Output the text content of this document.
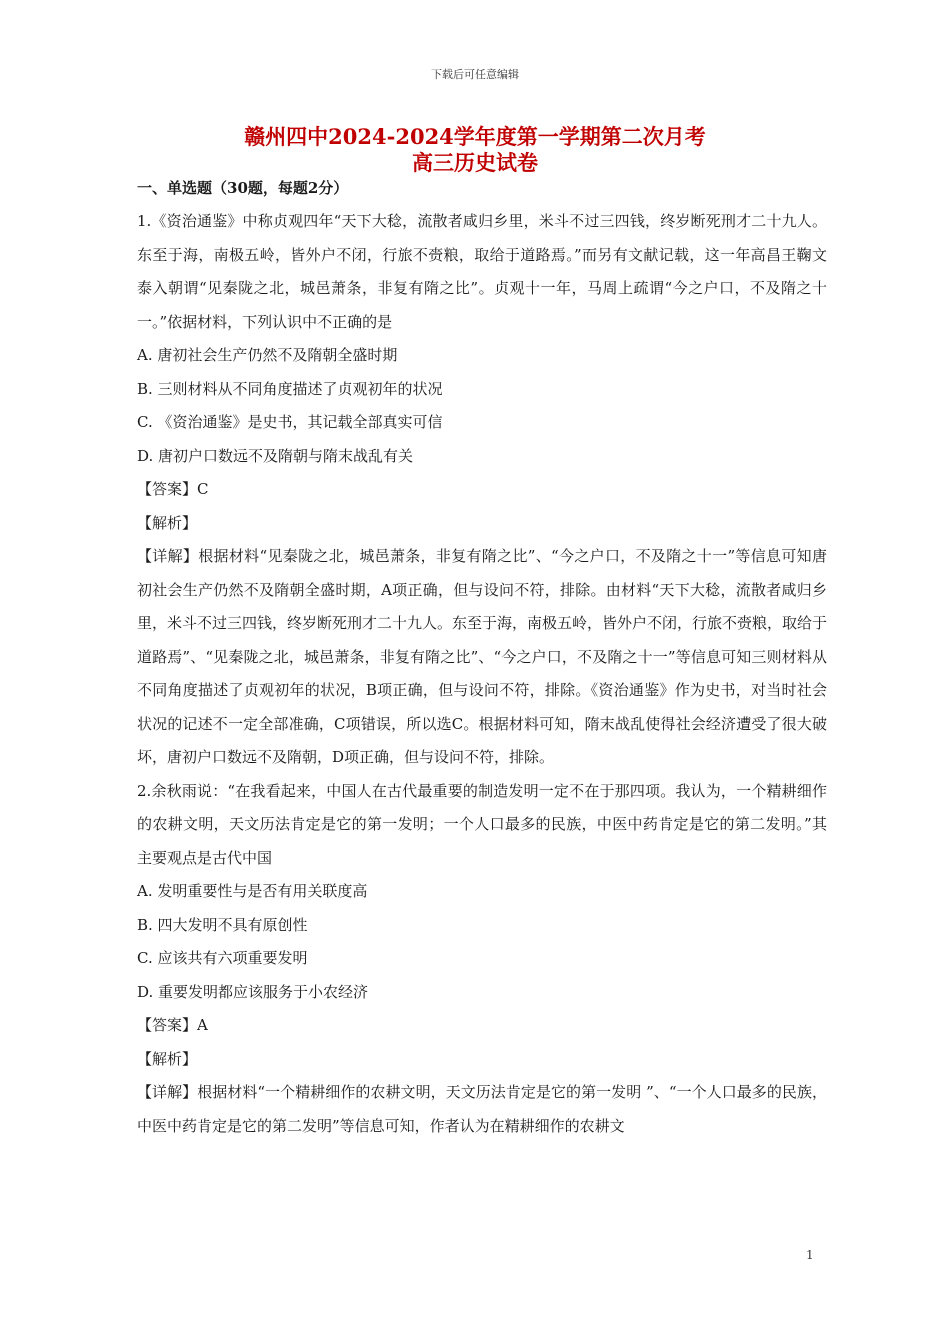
下载后可任意编辑
赣州四中2024-2024学年度第一学期第二次月考
高三历史试卷
一、单选题（30题，每题2分）

1.《资治通鉴》中称贞观四年“天下大稔，流散者咸归乡里，米斗不过三四钱，终岁断死刑才二十九人。东至于海，南极五岭，皆外户不闭，行旅不赍粮，取给于道路焉。”而另有文献记载，这一年高昌王鞠文泰入朝谓“见秦陇之北，城邑萧条，非复有隋之比”。贞观十一年，马周上疏谓“今之户口，不及隋之十一。”依据材料，下列认识中不正确的是

A. 唐初社会生产仍然不及隋朝全盛时期

B. 三则材料从不同角度描述了贞观初年的状况

C. 《资治通鉴》是史书，其记载全部真实可信

D. 唐初户口数远不及隋朝与隋末战乱有关

【答案】C

【解析】

【详解】根据材料“见秦陇之北，城邑萧条，非复有隋之比”、“今之户口，不及隋之十一”等信息可知唐初社会生产仍然不及隋朝全盛时期，A项正确，但与设问不符，排除。由材料“天下大稔，流散者咸归乡里，米斗不过三四钱，终岁断死刑才二十九人。东至于海，南极五岭，皆外户不闭，行旅不赍粮，取给于道路焉”、“见秦陇之北，城邑萧条，非复有隋之比”、“今之户口，不及隋之十一”等信息可知三则材料从不同角度描述了贞观初年的状况，B项正确，但与设问不符，排除。《资治通鉴》作为史书，对当时社会状况的记述不一定全部准确，C项错误，所以选C。根据材料可知，隋末战乱使得社会经济遭受了很大破坏，唐初户口数远不及隋朝，D项正确，但与设问不符，排除。

2.余秋雨说：“在我看起来，中国人在古代最重要的制造发明一定不在于那四项。我认为，一个精耕细作的农耕文明，天文历法肯定是它的第一发明；一个人口最多的民族，中医中药肯定是它的第二发明。”其主要观点是古代中国

A. 发明重要性与是否有用关联度高

B. 四大发明不具有原创性

C. 应该共有六项重要发明

D. 重要发明都应该服务于小农经济

【答案】A

【解析】

【详解】根据材料“一个精耕细作的农耕文明，天文历法肯定是它的第一发明 ”、“一个人口最多的民族，中医中药肯定是它的第二发明”等信息可知，作者认为在精耕细作的农耕文

1
